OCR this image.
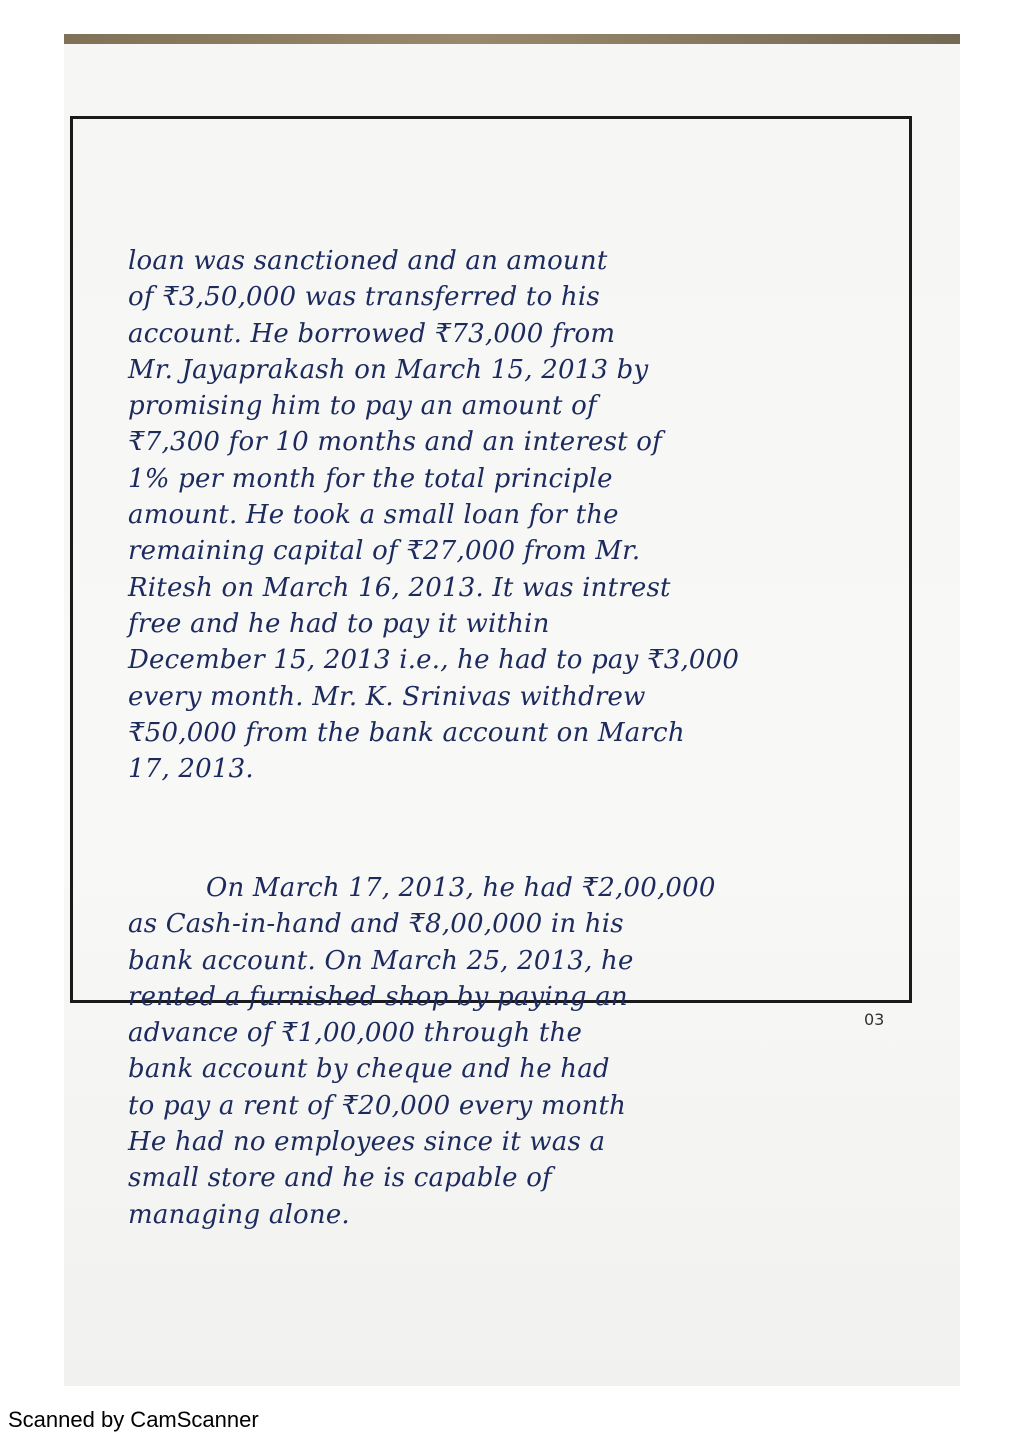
loan was sanctioned and an amount
of ₹3,50,000 was transferred to his
account. He borrowed ₹73,000 from
Mr. Jayaprakash on March 15, 2013 by
promising him to pay an amount of
₹7,300 for 10 months and an interest of
1% per month for the total principle
amount. He took a small loan for the
remaining capital of ₹27,000 from Mr.
Ritesh on March 16, 2013. It was intrest
free and he had to pay it within
December 15, 2013 i.e., he had to pay ₹3,000
every month. Mr. K. Srinivas withdrew
₹50,000 from the bank account on March
17, 2013.

On March 17, 2013, he had ₹2,00,000
as Cash-in-hand and ₹8,00,000 in his
bank account. On March 25, 2013, he
rented a furnished shop by paying an
advance of ₹1,00,000 through the
bank account by cheque and he had
to pay a rent of ₹20,000 every month
He had no employees since it was a
small store and he is capable of
managing alone.

03
Scanned by CamScanner
